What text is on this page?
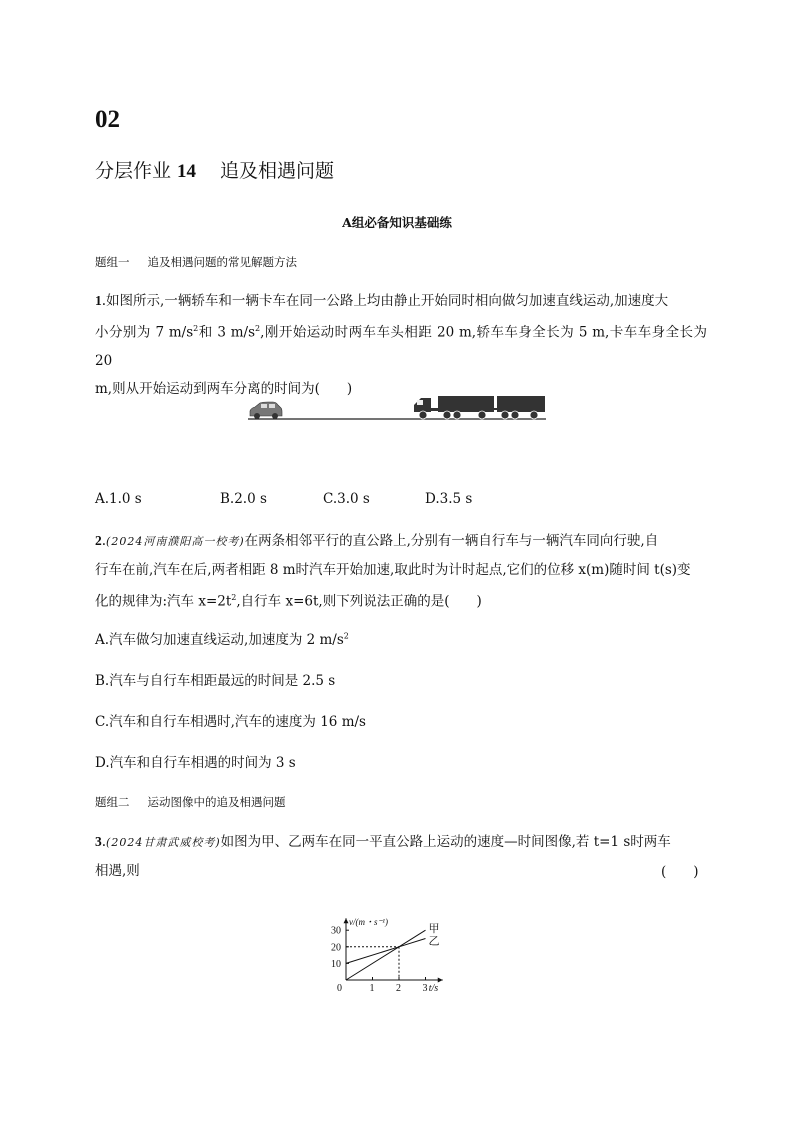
02
分层作业 14 追及相遇问题
A组必备知识基础练
题组一 追及相遇问题的常见解题方法
1.如图所示,一辆轿车和一辆卡车在同一公路上均由静止开始同时相向做匀加速直线运动,加速度大
小分别为 7 $m/s^2$和 3 $m/s^2$,刚开始运动时两车车头相距 20 m,轿车车身全长为 5 m,卡车车身全长为 20
m,则从开始运动到两车分离的时间为(　　)
A.1.0 s	B.2.0 s	C.3.0 s	D.3.5 s
2.(2024河南濮阳高一校考)在两条相邻平行的直公路上,分别有一辆自行车与一辆汽车同向行驶,自
行车在前,汽车在后,两者相距 8 m时汽车开始加速,取此时为计时起点,它们的位移 x(m)随时间 t(s)变
化的规律为:汽车 $x=2t^2$,自行车 x=6t,则下列说法正确的是(　　)
A.汽车做匀加速直线运动,加速度为 2 $m/s^2$
B.汽车与自行车相距最远的时间是 2.5 s
C.汽车和自行车相遇时,汽车的速度为 16 m/s
D.汽车和自行车相遇的时间为 3 s
题组二 运动图像中的追及相遇问题
3.(2024甘肃武威校考)如图为甲、乙两车在同一平直公路上运动的速度—时间图像,若 t=1 s时两车
相遇,则	(　　)
0	1 2 3
10
20
30
v/(m・s⁻¹)
t/s
甲
乙
